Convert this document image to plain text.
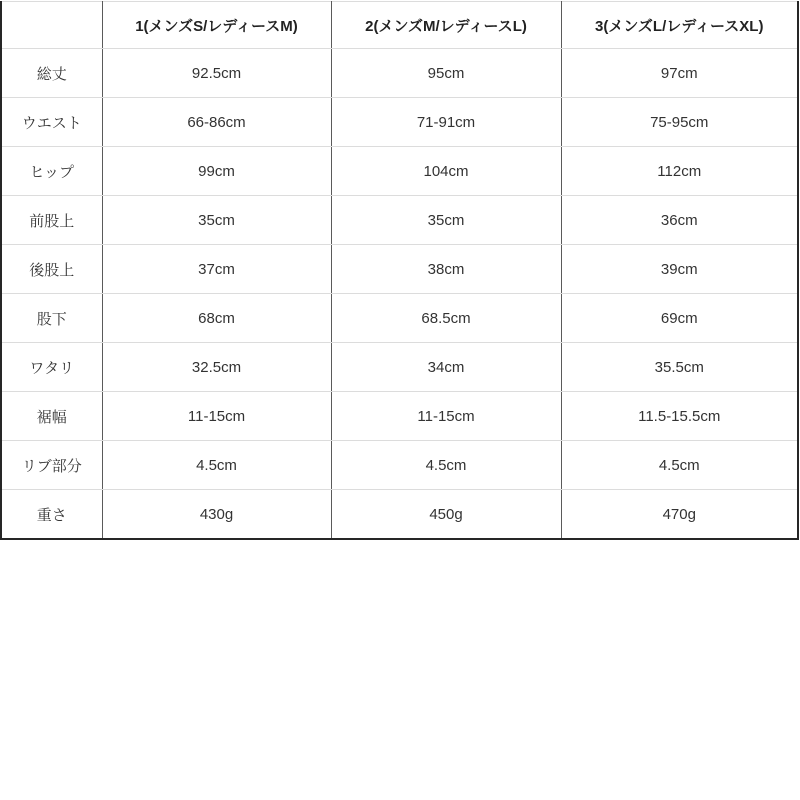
	1(メンズS/レディースM)	2(メンズM/レディースL)	3(メンズL/レディースXL)
総丈	92.5cm	95cm	97cm
ウエスト	66-86cm	71-91cm	75-95cm
ヒップ	99cm	104cm	112cm
前股上	35cm	35cm	36cm
後股上	37cm	38cm	39cm
股下	68cm	68.5cm	69cm
ワタリ	32.5cm	34cm	35.5cm
裾幅	11-15cm	11-15cm	11.5-15.5cm
リブ部分	4.5cm	4.5cm	4.5cm
重さ	430g	450g	470g
